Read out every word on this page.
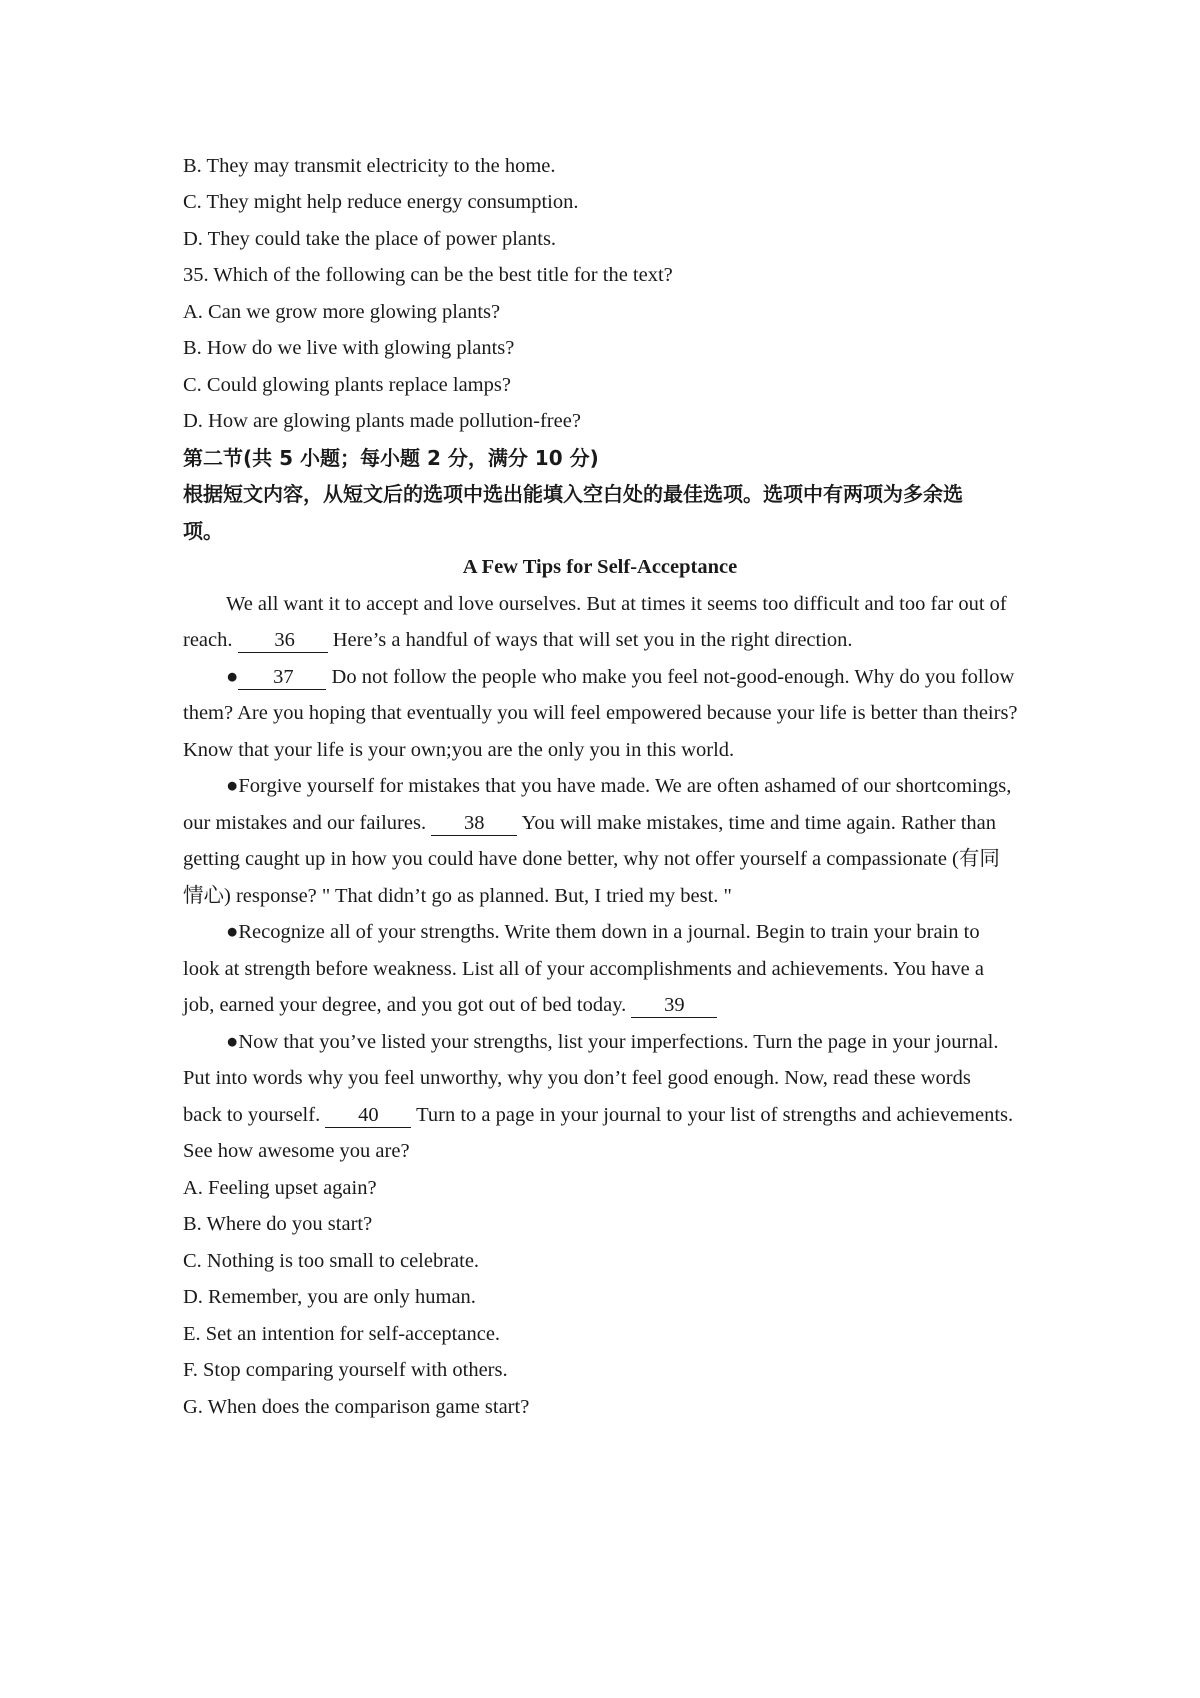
B. They may transmit electricity to the home.
C. They might help reduce energy consumption.
D. They could take the place of power plants.
35. Which of the following can be the best title for the text?
A. Can we grow more glowing plants?
B. How do we live with glowing plants?
C. Could glowing plants replace lamps?
D. How are glowing plants made pollution-free?
第二节(共 5 小题；每小题 2 分，满分 10 分)
根据短文内容，从短文后的选项中选出能填入空白处的最佳选项。选项中有两项为多余选
项。
A Few Tips for Self-Acceptance
We all want it to accept and love ourselves. But at times it seems too difficult and too far out of
reach. 36 Here’s a handful of ways that will set you in the right direction.
● 37 Do not follow the people who make you feel not-good-enough. Why do you follow
them? Are you hoping that eventually you will feel empowered because your life is better than theirs?
Know that your life is your own;you are the only you in this world.
●Forgive yourself for mistakes that you have made. We are often ashamed of our shortcomings,
our mistakes and our failures. 38 You will make mistakes, time and time again. Rather than
getting caught up in how you could have done better, why not offer yourself a compassionate (有同
情心) response? " That didn’t go as planned. But, I tried my best. "
●Recognize all of your strengths. Write them down in a journal. Begin to train your brain to
look at strength before weakness. List all of your accomplishments and achievements. You have a
job, earned your degree, and you got out of bed today. 39
●Now that you’ve listed your strengths, list your imperfections. Turn the page in your journal.
Put into words why you feel unworthy, why you don’t feel good enough. Now, read these words
back to yourself. 40 Turn to a page in your journal to your list of strengths and achievements.
See how awesome you are?
A. Feeling upset again?
B. Where do you start?
C. Nothing is too small to celebrate.
D. Remember, you are only human.
E. Set an intention for self-acceptance.
F. Stop comparing yourself with others.
G. When does the comparison game start?
